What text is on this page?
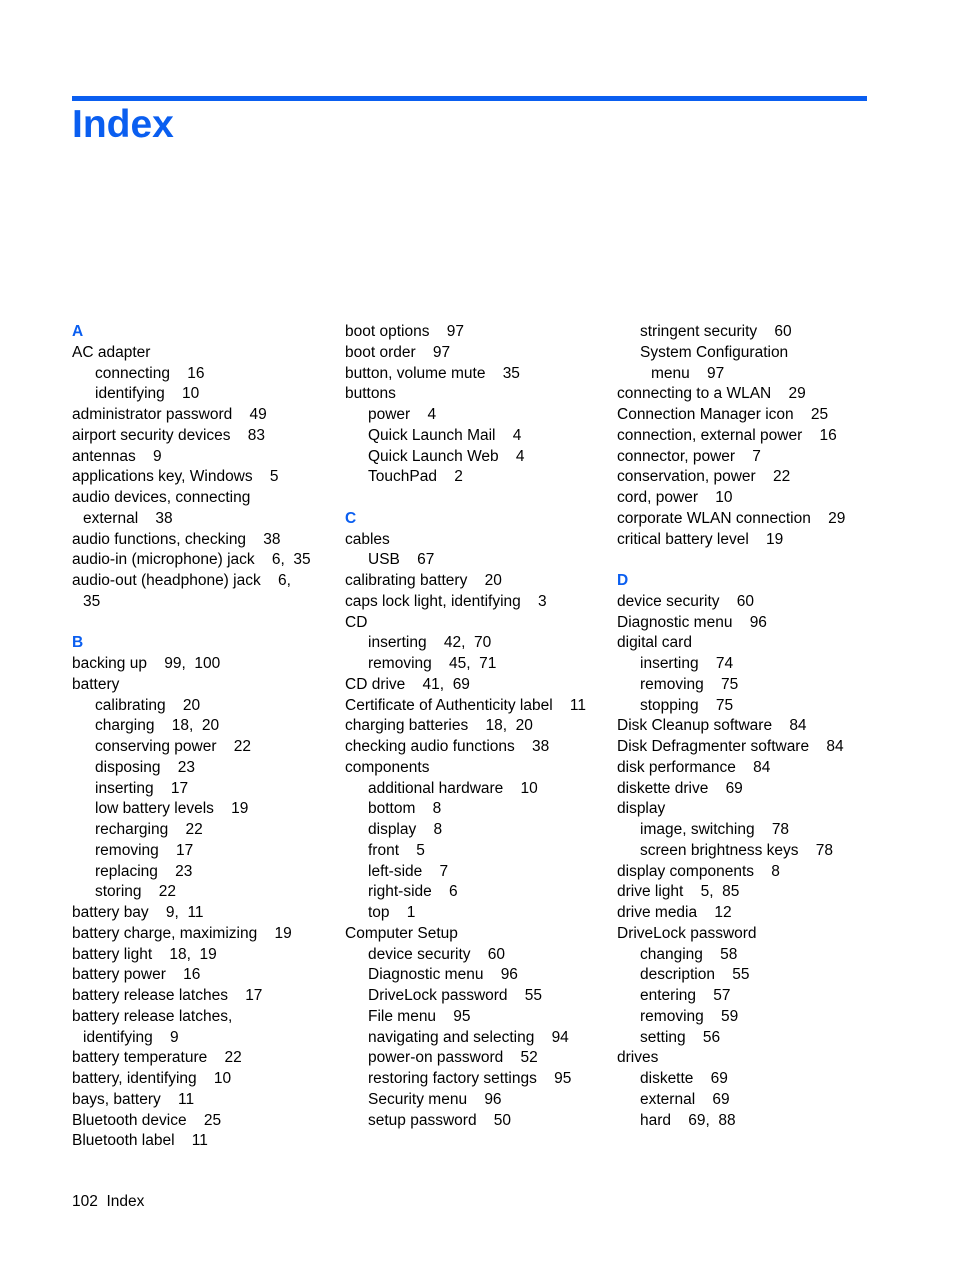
Index
A
AC adapter
connecting 16
identifying 10
administrator password 49
airport security devices 83
antennas 9
applications key, Windows 5
audio devices, connecting
external 38
audio functions, checking 38
audio-in (microphone) jack 6,  35
audio-out (headphone) jack 6,
35
B
backing up 99,  100
battery
calibrating 20
charging 18,  20
conserving power 22
disposing 23
inserting 17
low battery levels 19
recharging 22
removing 17
replacing 23
storing 22
battery bay 9,  11
battery charge, maximizing 19
battery light 18,  19
battery power 16
battery release latches 17
battery release latches,
identifying 9
battery temperature 22
battery, identifying 10
bays, battery 11
Bluetooth device 25
Bluetooth label 11
boot options 97
boot order 97
button, volume mute 35
buttons
power 4
Quick Launch Mail 4
Quick Launch Web 4
TouchPad 2
C
cables
USB 67
calibrating battery 20
caps lock light, identifying 3
CD
inserting 42,  70
removing 45,  71
CD drive 41,  69
Certificate of Authenticity label 11
charging batteries 18,  20
checking audio functions 38
components
additional hardware 10
bottom 8
display 8
front 5
left-side 7
right-side 6
top 1
Computer Setup
device security 60
Diagnostic menu 96
DriveLock password 55
File menu 95
navigating and selecting 94
power-on password 52
restoring factory settings 95
Security menu 96
setup password 50
stringent security 60
System Configuration
menu 97
connecting to a WLAN 29
Connection Manager icon 25
connection, external power 16
connector, power 7
conservation, power 22
cord, power 10
corporate WLAN connection 29
critical battery level 19
D
device security 60
Diagnostic menu 96
digital card
inserting 74
removing 75
stopping 75
Disk Cleanup software 84
Disk Defragmenter software 84
disk performance 84
diskette drive 69
display
image, switching 78
screen brightness keys 78
display components 8
drive light 5,  85
drive media 12
DriveLock password
changing 58
description 55
entering 57
removing 59
setting 56
drives
diskette 69
external 69
hard 69,  88
102 Index
